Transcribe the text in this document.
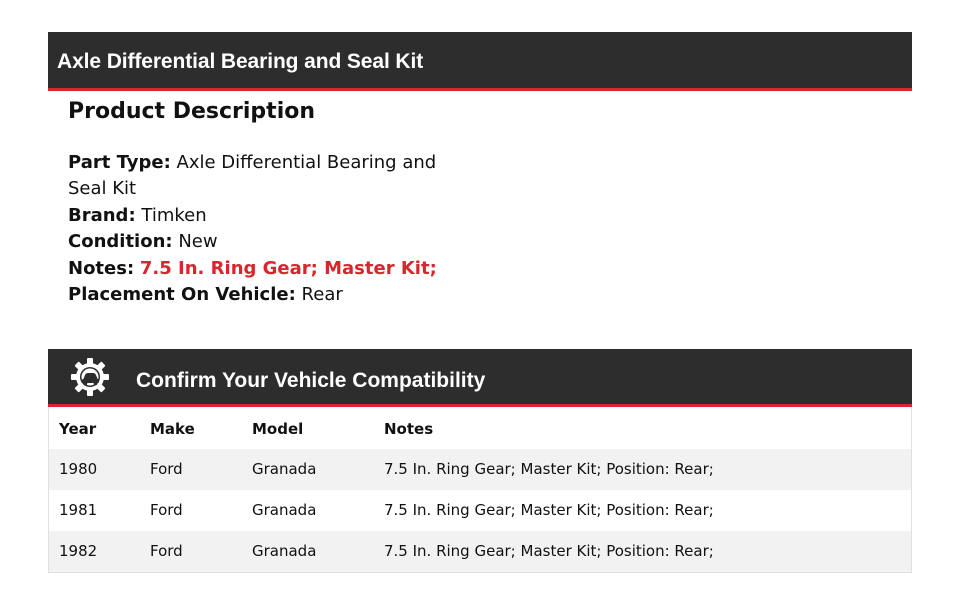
Axle Differential Bearing and Seal Kit
Product Description
Part Type: Axle Differential Bearing and Seal Kit
Brand: Timken
Condition: New
Notes: 7.5 In. Ring Gear; Master Kit;
Placement On Vehicle: Rear
Confirm Your Vehicle Compatibility
Year	Make	Model	Notes
1980	Ford	Granada	7.5 In. Ring Gear; Master Kit; Position: Rear;
1981	Ford	Granada	7.5 In. Ring Gear; Master Kit; Position: Rear;
1982	Ford	Granada	7.5 In. Ring Gear; Master Kit; Position: Rear;
